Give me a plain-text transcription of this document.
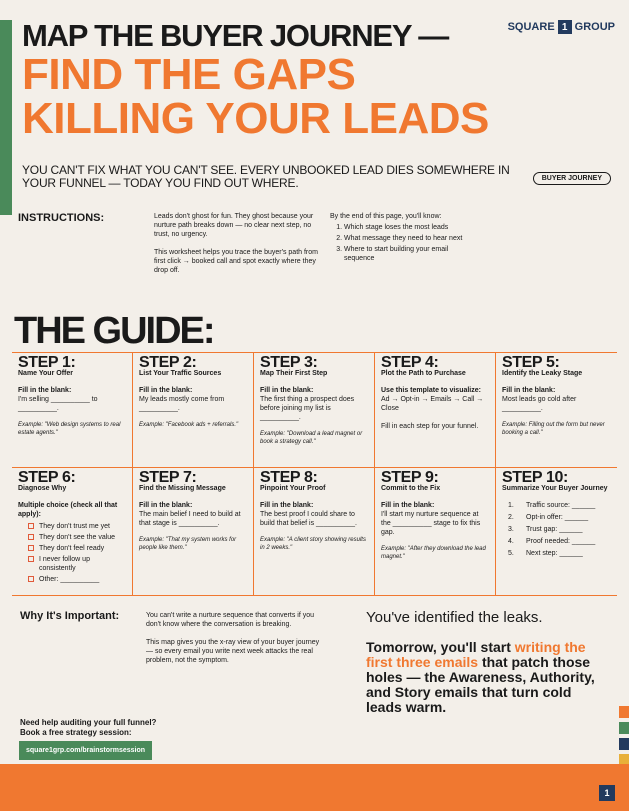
MAP THE BUYER JOURNEY —
FIND THE GAPS
KILLING YOUR LEADS
SQUARE 1 GROUP
YOU CAN'T FIX WHAT YOU CAN'T SEE. EVERY UNBOOKED LEAD DIES SOMEWHERE IN YOUR FUNNEL — TODAY YOU FIND OUT WHERE.	BUYER JOURNEY
INSTRUCTIONS:	Leads don't ghost for fun. They ghost because your nurture path breaks down — no clear next step, no trust, no urgency.

This worksheet helps you trace the buyer's path from first click → booked call and spot exactly where they drop off.

By the end of this page, you'll know:
1. Which stage loses the most leads
2. What message they need to hear next
3. Where to start building your email sequence
THE GUIDE:
STEP 1:
Name Your Offer
Fill in the blank:
I'm selling __________ to __________.
Example: "Web design systems to real estate agents."
STEP 2:
List Your Traffic Sources
Fill in the blank:
My leads mostly come from __________.
Example: "Facebook ads + referrals."
STEP 3:
Map Their First Step
Fill in the blank:
The first thing a prospect does before joining my list is __________.
Example: "Download a lead magnet or book a strategy call."
STEP 4:
Plot the Path to Purchase
Use this template to visualize:
Ad → Opt-in → Emails → Call → Close
Fill in each step for your funnel.
STEP 5:
Identify the Leaky Stage
Fill in the blank:
Most leads go cold after __________.
Example: Filling out the form but never booking a call."
STEP 6:
Diagnose Why
Multiple choice (check all that apply):
They don't trust me yet
They don't see the value
They don't feel ready
I never follow up consistently
Other: __________
STEP 7:
Find the Missing Message
Fill in the blank:
The main belief I need to build at that stage is __________.
Example: "That my system works for people like them."
STEP 8:
Pinpoint Your Proof
Fill in the blank:
The best proof I could share to build that belief is __________.
Example: "A client story showing results in 2 weeks."
STEP 9:
Commit to the Fix
Fill in the blank:
I'll start my nurture sequence at the __________ stage to fix this gap.
Example: "After they download the lead magnet."
STEP 10:
Summarize Your Buyer Journey
1. Traffic source: ______
2. Opt-in offer: ______
3. Trust gap: ______
4. Proof needed: ______
5. Next step: ______
Why It's Important:	You can't write a nurture sequence that converts if you don't know where the conversation is breaking.

This map gives you the x-ray view of your buyer journey — so every email you write next week attacks the real problem, not the symptom.

You've identified the leaks.
Tomorrow, you'll start writing the first three emails that patch those holes — the Awareness, Authority, and Story emails that turn cold leads warm.
Need help auditing your full funnel?
Book a free strategy session:
square1grp.com/brainstormsession
1
